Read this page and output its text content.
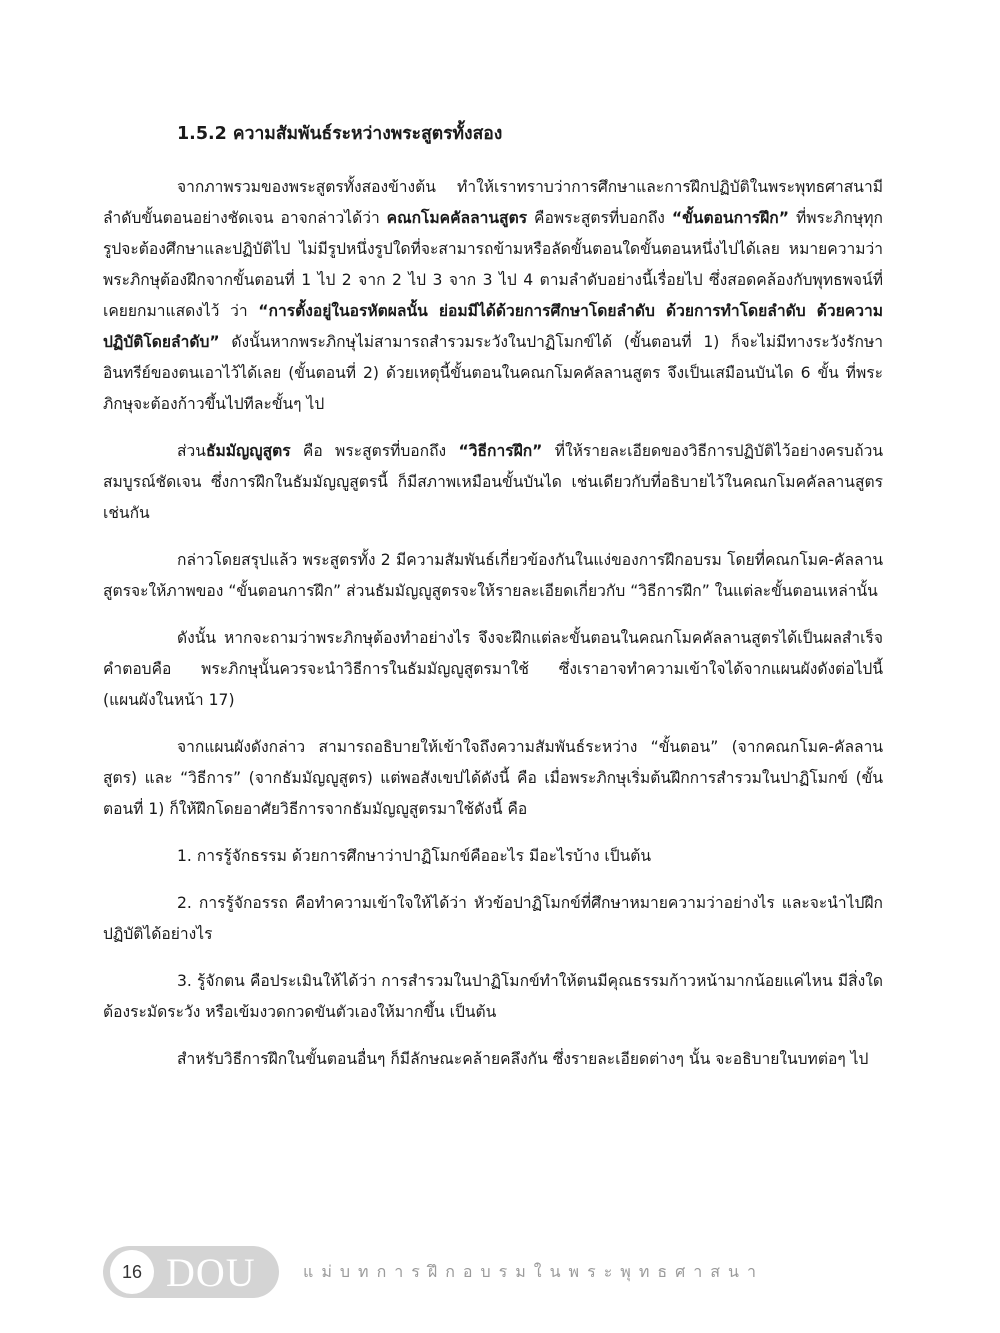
1.5.2 ความสัมพันธ์ระหว่างพระสูตรทั้งสอง

จากภาพรวมของพระสูตรทั้งสองข้างต้น ทำให้เราทราบว่าการศึกษาและการฝึกปฏิบัติในพระพุทธศาสนามีลำดับขั้นตอนอย่างชัดเจน อาจกล่าวได้ว่า คณกโมคคัลลานสูตร คือพระสูตรที่บอกถึง “ขั้นตอนการฝึก” ที่พระภิกษุทุกรูปจะต้องศึกษาและปฏิบัติไป ไม่มีรูปหนึ่งรูปใดที่จะสามารถข้ามหรือลัดขั้นตอนใดขั้นตอนหนึ่งไปได้เลย หมายความว่า พระภิกษุต้องฝึกจากขั้นตอนที่ 1 ไป 2 จาก 2 ไป 3 จาก 3 ไป 4 ตามลำดับอย่างนี้เรื่อยไป ซึ่งสอดคล้องกับพุทธพจน์ที่เคยยกมาแสดงไว้ ว่า “การตั้งอยู่ในอรหัตผลนั้น ย่อมมีได้ด้วยการศึกษาโดยลำดับ ด้วยการทำโดยลำดับ ด้วยความปฏิบัติโดยลำดับ” ดังนั้นหากพระภิกษุไม่สามารถสำรวมระวังในปาฏิโมกข์ได้ (ขั้นตอนที่ 1) ก็จะไม่มีทางระวังรักษาอินทรีย์ของตนเอาไว้ได้เลย (ขั้นตอนที่ 2) ด้วยเหตุนี้ขั้นตอนในคณกโมคคัลลานสูตร จึงเป็นเสมือนบันได 6 ขั้น ที่พระภิกษุจะต้องก้าวขึ้นไปทีละขั้นๆ ไป

ส่วนธัมมัญญูสูตร คือ พระสูตรที่บอกถึง “วิธีการฝึก” ที่ให้รายละเอียดของวิธีการปฏิบัติไว้อย่างครบถ้วนสมบูรณ์ชัดเจน ซึ่งการฝึกในธัมมัญญูสูตรนี้ ก็มีสภาพเหมือนขั้นบันได เช่นเดียวกับที่อธิบายไว้ในคณกโมคคัลลานสูตรเช่นกัน

กล่าวโดยสรุปแล้ว พระสูตรทั้ง 2 มีความสัมพันธ์เกี่ยวข้องกันในแง่ของการฝึกอบรม โดยที่คณกโมค-คัลลานสูตรจะให้ภาพของ “ขั้นตอนการฝึก” ส่วนธัมมัญญูสูตรจะให้รายละเอียดเกี่ยวกับ “วิธีการฝึก” ในแต่ละขั้นตอนเหล่านั้น

ดังนั้น หากจะถามว่าพระภิกษุต้องทำอย่างไร จึงจะฝึกแต่ละขั้นตอนในคณกโมคคัลลานสูตรได้เป็นผลสำเร็จ คำตอบคือ พระภิกษุนั้นควรจะนำวิธีการในธัมมัญญูสูตรมาใช้ ซึ่งเราอาจทำความเข้าใจได้จากแผนผังดังต่อไปนี้ (แผนผังในหน้า 17)

จากแผนผังดังกล่าว สามารถอธิบายให้เข้าใจถึงความสัมพันธ์ระหว่าง “ขั้นตอน” (จากคณกโมค-คัลลานสูตร) และ “วิธีการ” (จากธัมมัญญูสูตร) แต่พอสังเขปได้ดังนี้ คือ เมื่อพระภิกษุเริ่มต้นฝึกการสำรวมในปาฏิโมกข์ (ขั้นตอนที่ 1) ก็ให้ฝึกโดยอาศัยวิธีการจากธัมมัญญูสูตรมาใช้ดังนี้ คือ

1. การรู้จักธรรม ด้วยการศึกษาว่าปาฏิโมกข์คืออะไร มีอะไรบ้าง เป็นต้น

2. การรู้จักอรรถ คือทำความเข้าใจให้ได้ว่า หัวข้อปาฏิโมกข์ที่ศึกษาหมายความว่าอย่างไร และจะนำไปฝึกปฏิบัติได้อย่างไร

3. รู้จักตน คือประเมินให้ได้ว่า การสำรวมในปาฏิโมกข์ทำให้ตนมีคุณธรรมก้าวหน้ามากน้อยแค่ไหน มีสิ่งใดต้องระมัดระวัง หรือเข้มงวดกวดขันตัวเองให้มากขึ้น เป็นต้น

สำหรับวิธีการฝึกในขั้นตอนอื่นๆ ก็มีลักษณะคล้ายคลึงกัน ซึ่งรายละเอียดต่างๆ นั้น จะอธิบายในบทต่อๆ ไป

16 DOU	แม่บทการฝึกอบรมในพระพุทธศาสนา
